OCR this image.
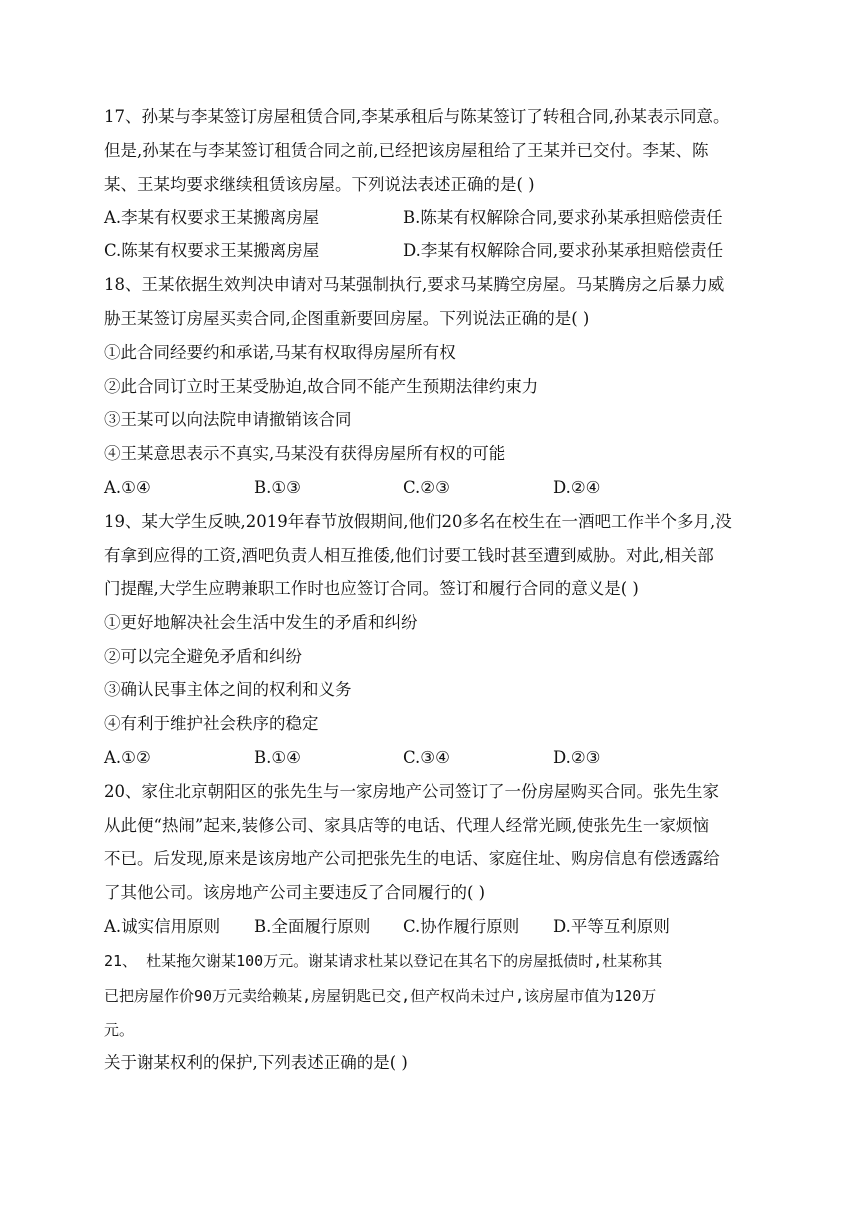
17、孙某与李某签订房屋租赁合同,李某承租后与陈某签订了转租合同,孙某表示同意。
但是,孙某在与李某签订租赁合同之前,已经把该房屋租给了王某并已交付。李某、陈
某、王某均要求继续租赁该房屋。下列说法表述正确的是( )
A.李某有权要求王某搬离房屋	B.陈某有权解除合同,要求孙某承担赔偿责任
C.陈某有权要求王某搬离房屋	D.李某有权解除合同,要求孙某承担赔偿责任
18、王某依据生效判决申请对马某强制执行,要求马某腾空房屋。马某腾房之后暴力威
胁王某签订房屋买卖合同,企图重新要回房屋。下列说法正确的是( )
①此合同经要约和承诺,马某有权取得房屋所有权
②此合同订立时王某受胁迫,故合同不能产生预期法律约束力
③王某可以向法院申请撤销该合同
④王某意思表示不真实,马某没有获得房屋所有权的可能
A.①④	B.①③	C.②③	D.②④
19、某大学生反映,2019年春节放假期间,他们20多名在校生在一酒吧工作半个多月,没
有拿到应得的工资,酒吧负责人相互推倭,他们讨要工钱时甚至遭到威胁。对此,相关部
门提醒,大学生应聘兼职工作时也应签订合同。签订和履行合同的意义是( )
①更好地解决社会生活中发生的矛盾和纠纷
②可以完全避免矛盾和纠纷
③确认民事主体之间的权利和义务
④有利于维护社会秩序的稳定
A.①②	B.①④	C.③④	D.②③
20、家住北京朝阳区的张先生与一家房地产公司签订了一份房屋购买合同。张先生家
从此便“热闹”起来,装修公司、家具店等的电话、代理人经常光顾,使张先生一家烦恼
不已。后发现,原来是该房地产公司把张先生的电话、家庭住址、购房信息有偿透露给
了其他公司。该房地产公司主要违反了合同履行的( )
A.诚实信用原则 B.全面履行原则 C.协作履行原则 D.平等互利原则
21、 杜某拖欠谢某100万元。谢某请求杜某以登记在其名下的房屋抵债时,杜某称其
已把房屋作价90万元卖给赖某,房屋钥匙已交,但产权尚未过户,该房屋市值为120万
元。
关于谢某权利的保护,下列表述正确的是( )
